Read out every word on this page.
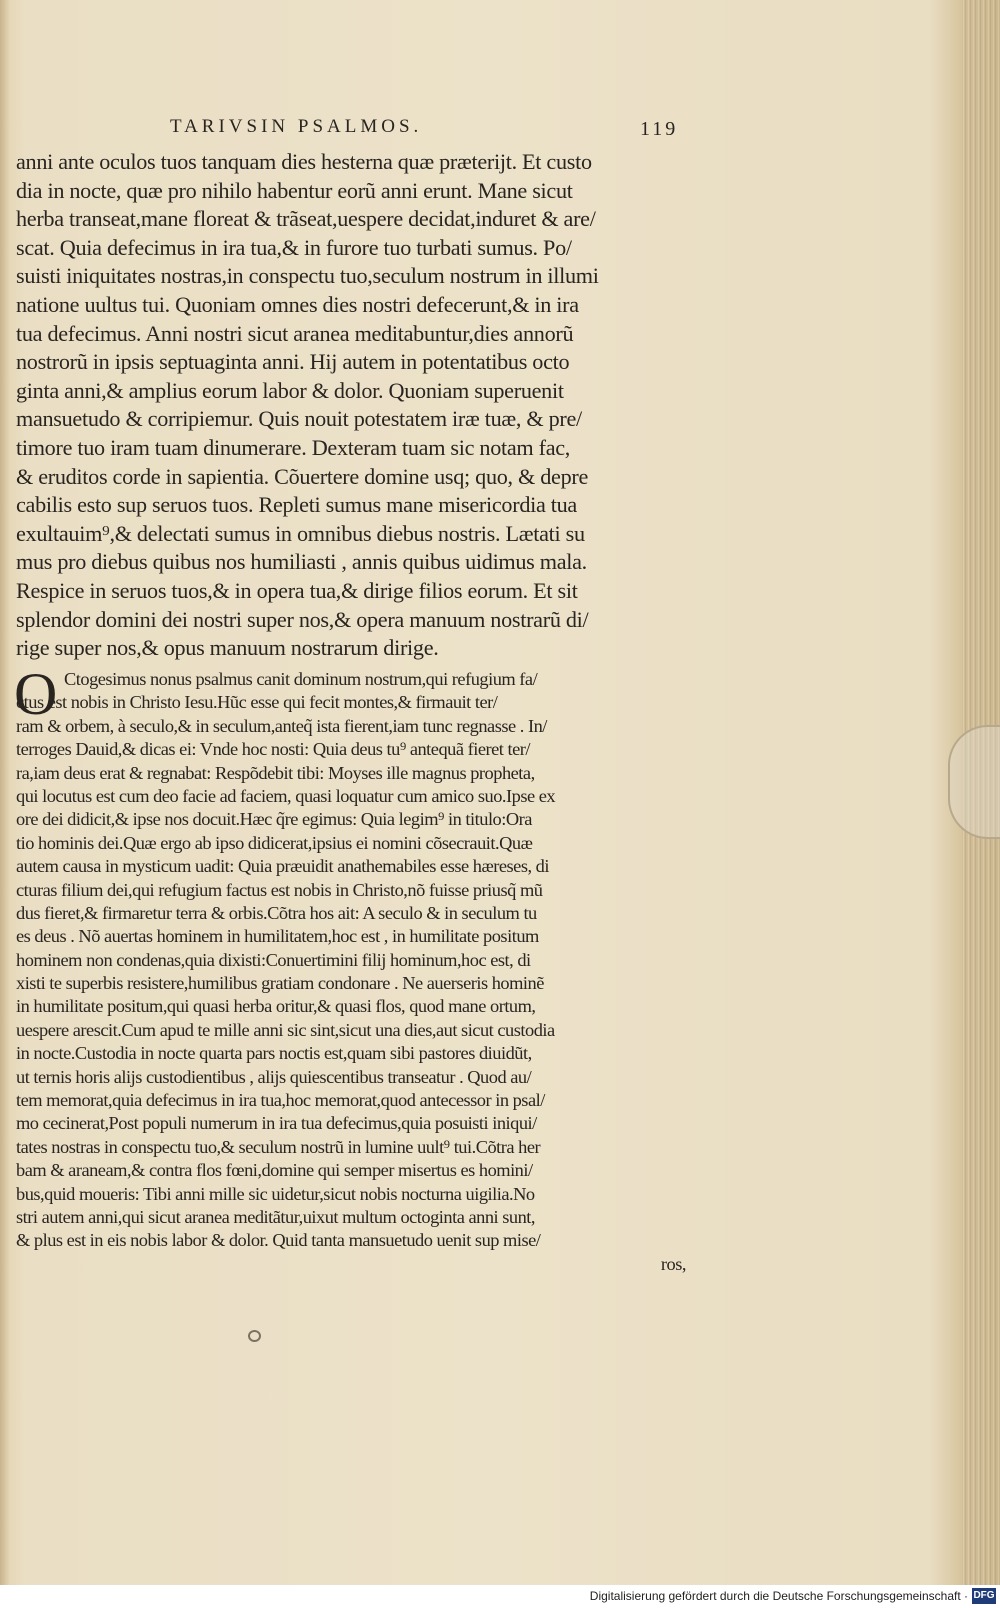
TARIVSIN PSALMOS.	119
anni ante oculos tuos tanquam dies hesterna quæ præterijt. Et custo
dia in nocte, quæ pro nihilo habentur eorũ anni erunt. Mane sicut
herba transeat,mane floreat & trãseat,uespere decidat,induret & are/
scat. Quia defecimus in ira tua,& in furore tuo turbati sumus. Po/
suisti iniquitates nostras,in conspectu tuo,seculum nostrum in illumi
natione uultus tui. Quoniam omnes dies nostri defecerunt,& in ira
tua defecimus. Anni nostri sicut aranea meditabuntur,dies annorũ
nostrorũ in ipsis septuaginta anni. Hij autem in potentatibus octo
ginta anni,& amplius eorum labor & dolor. Quoniam superuenit
mansuetudo & corripiemur. Quis nouit potestatem iræ tuæ, & pre/
timore tuo iram tuam dinumerare. Dexteram tuam sic notam fac,
& eruditos corde in sapientia. Cõuertere domine usq; quo, & depre
cabilis esto sup seruos tuos. Repleti sumus mane misericordia tua
exultauim⁹,& delectati sumus in omnibus diebus nostris. Lætati su
mus pro diebus quibus nos humiliasti , annis quibus uidimus mala.
Respice in seruos tuos,& in opera tua,& dirige filios eorum. Et sit
splendor domini dei nostri super nos,& opera manuum nostrarũ di/
rige super nos,& opus manuum nostrarum dirige.
O Ctogesimus nonus psalmus canit dominum nostrum,qui refugium fa/
ctus est nobis in Christo Iesu.Hũc esse qui fecit montes,& firmauit ter/
ram & orbem, à seculo,& in seculum,anteq̃ ista fierent,iam tunc regnasse . In/
terroges Dauid,& dicas ei: Vnde hoc nosti: Quia deus tu⁹ antequã fieret ter/
ra,iam deus erat & regnabat: Respõdebit tibi: Moyses ille magnus propheta,
qui locutus est cum deo facie ad faciem, quasi loquatur cum amico suo.Ipse ex
ore dei didicit,& ipse nos docuit.Hæc q̃re egimus: Quia legim⁹ in titulo:Ora
tio hominis dei.Quæ ergo ab ipso didicerat,ipsius ei nomini cõsecrauit.Quæ
autem causa in mysticum uadit: Quia præuidit anathemabiles esse hæreses, di
cturas filium dei,qui refugium factus est nobis in Christo,nõ fuisse priusq̃ mũ
dus fieret,& firmaretur terra & orbis.Cõtra hos ait: A seculo & in seculum tu
es deus . Nõ auertas hominem in humilitatem,hoc est , in humilitate positum
hominem non condenas,quia dixisti:Conuertimini filij hominum,hoc est, di
xisti te superbis resistere,humilibus gratiam condonare . Ne auerseris hominẽ
in humilitate positum,qui quasi herba oritur,& quasi flos, quod mane ortum,
uespere arescit.Cum apud te mille anni sic sint,sicut una dies,aut sicut custodia
in nocte.Custodia in nocte quarta pars noctis est,quam sibi pastores diuidũt,
ut ternis horis alijs custodientibus , alijs quiescentibus transeatur . Quod au/
tem memorat,quia defecimus in ira tua,hoc memorat,quod antecessor in psal/
mo cecinerat,Post populi numerum in ira tua defecimus,quia posuisti iniqui/
tates nostras in conspectu tuo,& seculum nostrũ in lumine uult⁹ tui.Cõtra her
bam & araneam,& contra flos fœni,domine qui semper misertus es homini/
bus,quid moueris: Tibi anni mille sic uidetur,sicut nobis nocturna uigilia.No
stri autem anni,qui sicut aranea meditãtur,uixut multum octoginta anni sunt,
& plus est in eis nobis labor & dolor. Quid tanta mansuetudo uenit sup mise/
ros,
Digitalisierung gefördert durch die Deutsche Forschungsgemeinschaft · DFG
